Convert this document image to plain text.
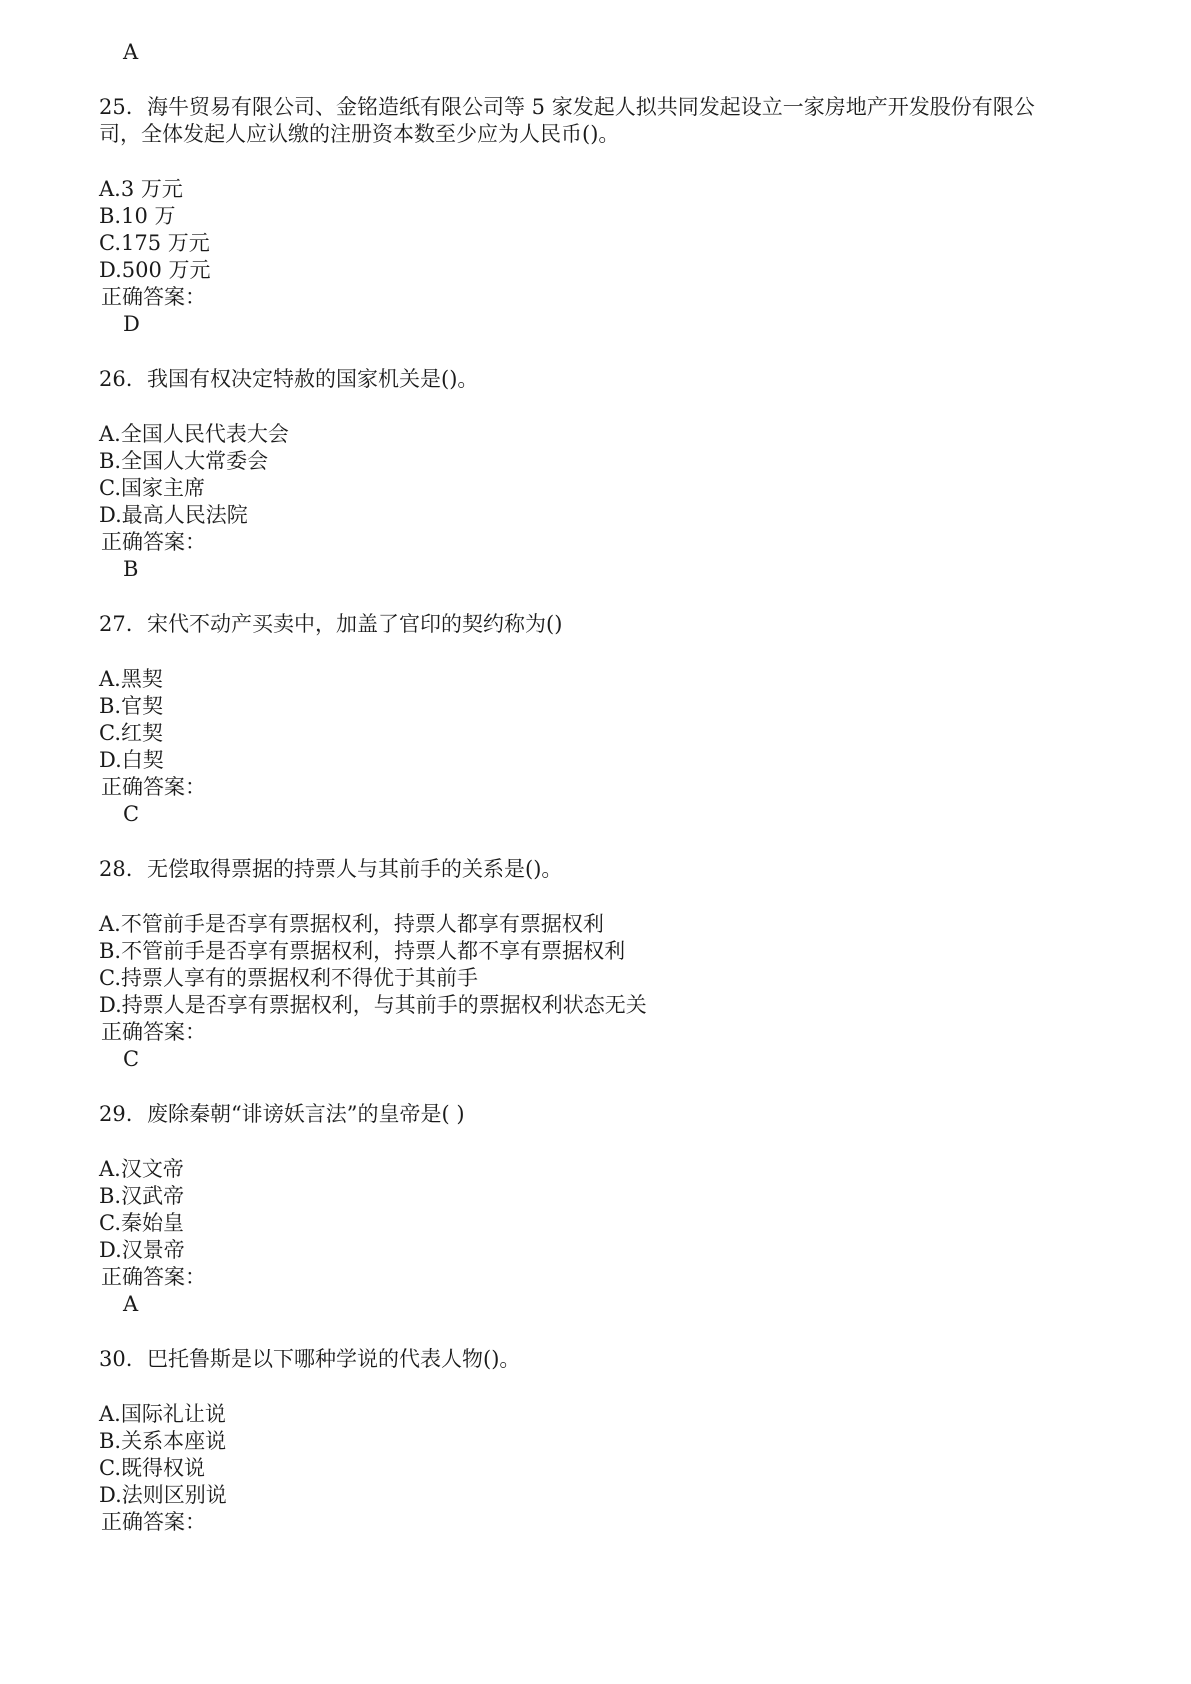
A
25. 海牛贸易有限公司、金铭造纸有限公司等 5 家发起人拟共同发起设立一家房地产开发股份有限公
司，全体发起人应认缴的注册资本数至少应为人民币()。
A.3 万元
B.10 万
C.175 万元
D.500 万元
正确答案：
D
26. 我国有权决定特赦的国家机关是()。
A.全国人民代表大会
B.全国人大常委会
C.国家主席
D.最高人民法院
正确答案：
B
27. 宋代不动产买卖中，加盖了官印的契约称为()
A.黑契
B.官契
C.红契
D.白契
正确答案：
C
28. 无偿取得票据的持票人与其前手的关系是()。
A.不管前手是否享有票据权利，持票人都享有票据权利
B.不管前手是否享有票据权利，持票人都不享有票据权利
C.持票人享有的票据权利不得优于其前手
D.持票人是否享有票据权利，与其前手的票据权利状态无关
正确答案：
C
29. 废除秦朝“诽谤妖言法”的皇帝是( )
A.汉文帝
B.汉武帝
C.秦始皇
D.汉景帝
正确答案：
A
30. 巴托鲁斯是以下哪种学说的代表人物()。
A.国际礼让说
B.关系本座说
C.既得权说
D.法则区别说
正确答案：
